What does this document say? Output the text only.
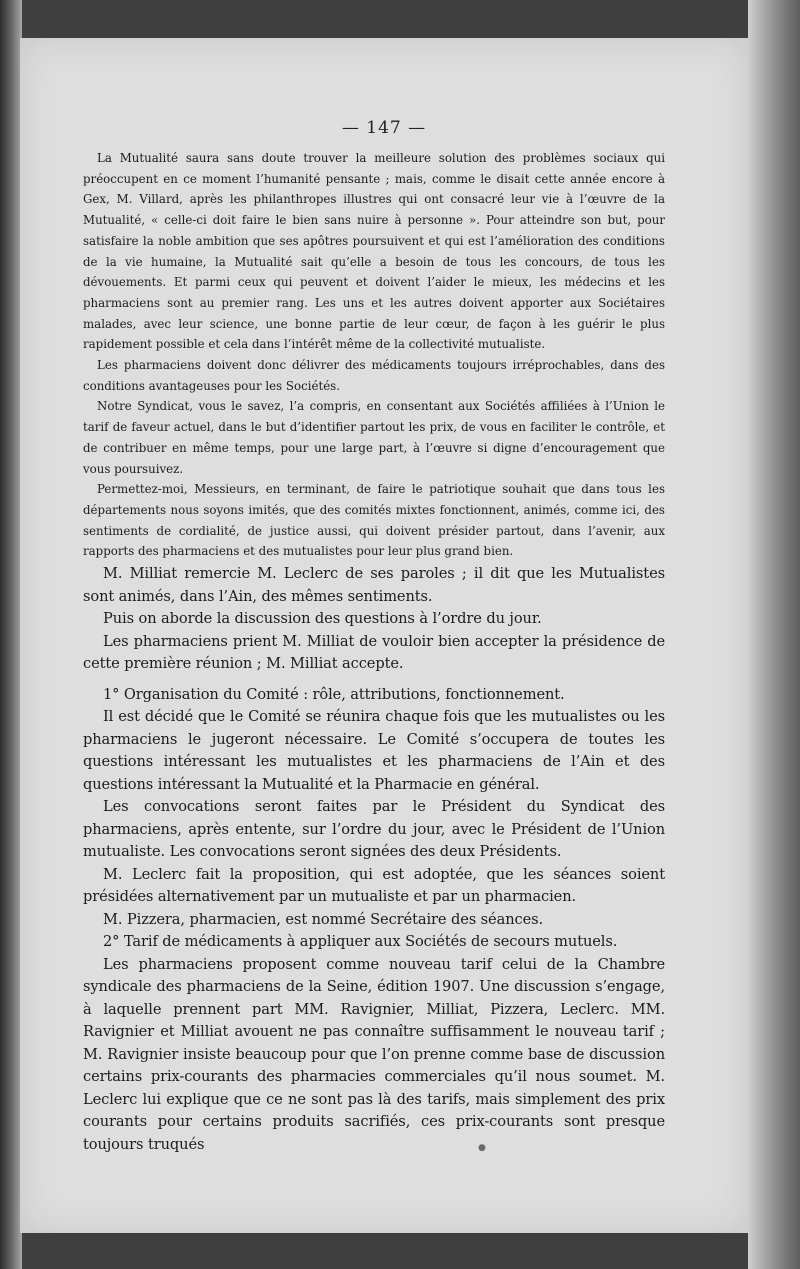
— 147 —

La Mutualité saura sans doute trouver la meilleure solution des problèmes sociaux qui préoccupent en ce moment l’humanité pensante ; mais, comme le disait cette année encore à Gex, M. Villard, après les philanthropes illustres qui ont consacré leur vie à l’œuvre de la Mutualité, « celle-ci doit faire le bien sans nuire à personne ». Pour atteindre son but, pour satisfaire la noble ambition que ses apôtres poursuivent et qui est l’amélioration des conditions de la vie humaine, la Mutualité sait qu’elle a besoin de tous les concours, de tous les dévouements. Et parmi ceux qui peuvent et doivent l’aider le mieux, les médecins et les pharmaciens sont au premier rang. Les uns et les autres doivent apporter aux Sociétaires malades, avec leur science, une bonne partie de leur cœur, de façon à les guérir le plus rapidement possible et cela dans l’intérêt même de la collectivité mutualiste.

Les pharmaciens doivent donc délivrer des médicaments toujours irréprochables, dans des conditions avantageuses pour les Sociétés.

Notre Syndicat, vous le savez, l’a compris, en consentant aux Sociétés affiliées à l’Union le tarif de faveur actuel, dans le but d’identifier partout les prix, de vous en faciliter le contrôle, et de contribuer en même temps, pour une large part, à l’œuvre si digne d’encouragement que vous poursuivez.

Permettez-moi, Messieurs, en terminant, de faire le patriotique souhait que dans tous les départements nous soyons imités, que des comités mixtes fonctionnent, animés, comme ici, des sentiments de cordialité, de justice aussi, qui doivent présider partout, dans l’avenir, aux rapports des pharmaciens et des mutualistes pour leur plus grand bien.

M. Milliat remercie M. Leclerc de ses paroles ; il dit que les Mutualistes sont animés, dans l’Ain, des mêmes sentiments.

Puis on aborde la discussion des questions à l’ordre du jour.

Les pharmaciens prient M. Milliat de vouloir bien accepter la présidence de cette première réunion ; M. Milliat accepte.

1° Organisation du Comité : rôle, attributions, fonctionnement.

Il est décidé que le Comité se réunira chaque fois que les mutualistes ou les pharmaciens le jugeront nécessaire. Le Comité s’occupera de toutes les questions intéressant les mutualistes et les pharmaciens de l’Ain et des questions intéressant la Mutualité et la Pharmacie en général.

Les convocations seront faites par le Président du Syndicat des pharmaciens, après entente, sur l’ordre du jour, avec le Président de l’Union mutualiste. Les convocations seront signées des deux Présidents.

M. Leclerc fait la proposition, qui est adoptée, que les séances soient présidées alternativement par un mutualiste et par un pharmacien.

M. Pizzera, pharmacien, est nommé Secrétaire des séances.

2° Tarif de médicaments à appliquer aux Sociétés de secours mutuels.

Les pharmaciens proposent comme nouveau tarif celui de la Chambre syndicale des pharmaciens de la Seine, édition 1907. Une discussion s’engage, à laquelle prennent part MM. Ravignier, Milliat, Pizzera, Leclerc. MM. Ravignier et Milliat avouent ne pas connaître suffisamment le nouveau tarif ; M. Ravignier insiste beaucoup pour que l’on prenne comme base de discussion certains prix-courants des pharmacies commerciales qu’il nous soumet. M. Leclerc lui explique que ce ne sont pas là des tarifs, mais simplement des prix courants pour certains produits sacrifiés, ces prix-courants sont presque toujours truqués	●
